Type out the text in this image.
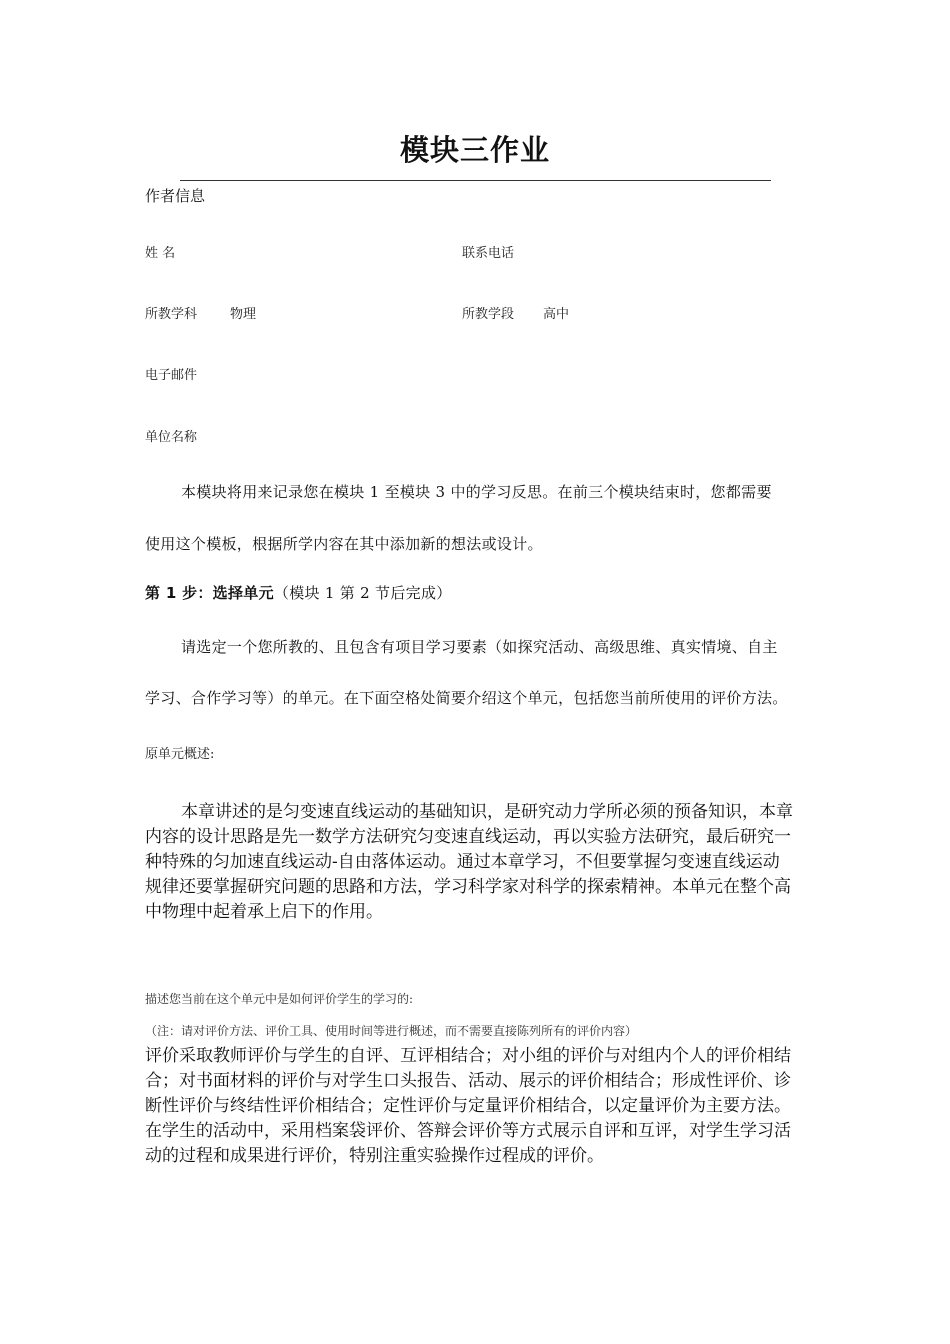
模块三作业
作者信息
姓 名	联系电话
所教学科	物理	所教学段 高中
电子邮件
单位名称
本模块将用来记录您在模块 1 至模块 3 中的学习反思。在前三个模块结束时，您都需要
使用这个模板，根据所学内容在其中添加新的想法或设计。
第 1 步：选择单元（模块 1 第 2 节后完成）
请选定一个您所教的、且包含有项目学习要素（如探究活动、高级思维、真实情境、自主
学习、合作学习等）的单元。在下面空格处简要介绍这个单元，包括您当前所使用的评价方法。
原单元概述:
本章讲述的是匀变速直线运动的基础知识，是研究动力学所必须的预备知识，本章内容的设计思路是先一数学方法研究匀变速直线运动，再以实验方法研究，最后研究一种特殊的匀加速直线运动-自由落体运动。通过本章学习，不但要掌握匀变速直线运动规律还要掌握研究问题的思路和方法，学习科学家对科学的探索精神。本单元在整个高中物理中起着承上启下的作用。
描述您当前在这个单元中是如何评价学生的学习的:
（注：请对评价方法、评价工具、使用时间等进行概述，而不需要直接陈列所有的评价内容）
评价采取教师评价与学生的自评、互评相结合；对小组的评价与对组内个人的评价相结合；对书面材料的评价与对学生口头报告、活动、展示的评价相结合；形成性评价、诊断性评价与终结性评价相结合；定性评价与定量评价相结合，以定量评价为主要方法。在学生的活动中，采用档案袋评价、答辩会评价等方式展示自评和互评，对学生学习活动的过程和成果进行评价，特别注重实验操作过程成的评价。
